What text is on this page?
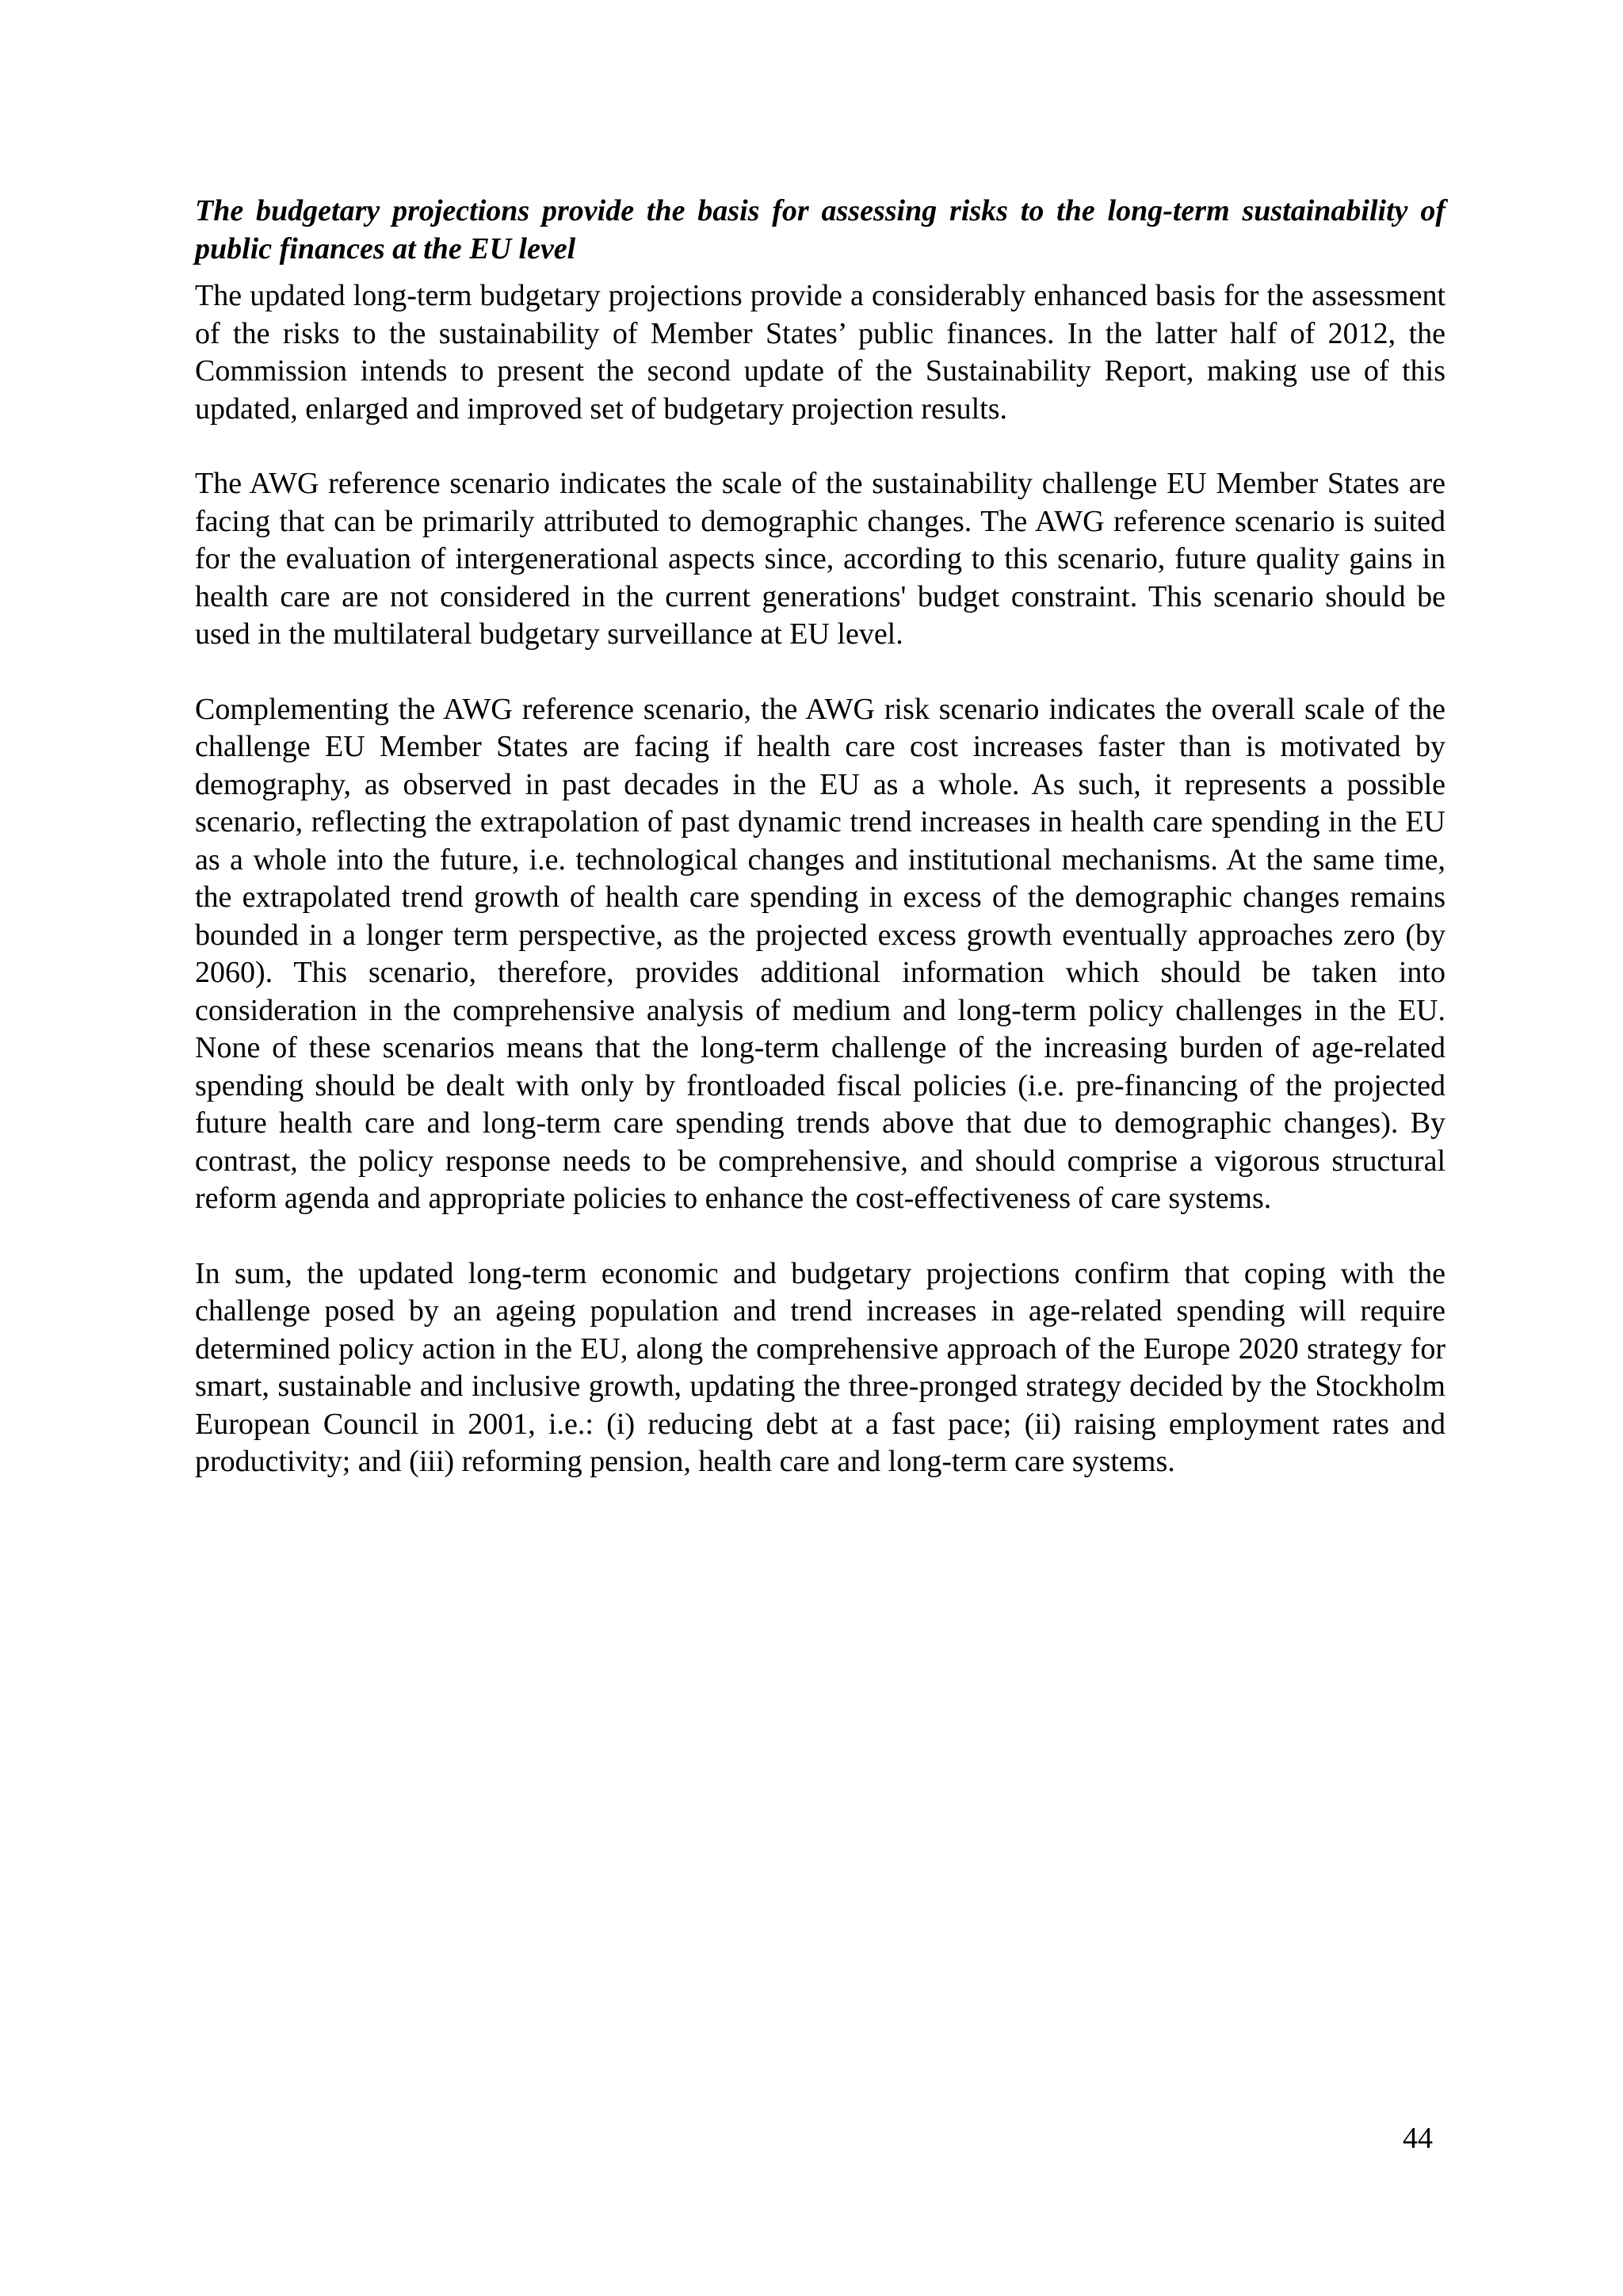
The budgetary projections provide the basis for assessing risks to the long-term sustainability of public finances at the EU level

The updated long-term budgetary projections provide a considerably enhanced basis for the assessment of the risks to the sustainability of Member States’ public finances. In the latter half of 2012, the Commission intends to present the second update of the Sustainability Report, making use of this updated, enlarged and improved set of budgetary projection results.

The AWG reference scenario indicates the scale of the sustainability challenge EU Member States are facing that can be primarily attributed to demographic changes. The AWG reference scenario is suited for the evaluation of intergenerational aspects since, according to this scenario, future quality gains in health care are not considered in the current generations' budget constraint. This scenario should be used in the multilateral budgetary surveillance at EU level.

Complementing the AWG reference scenario, the AWG risk scenario indicates the overall scale of the challenge EU Member States are facing if health care cost increases faster than is motivated by demography, as observed in past decades in the EU as a whole. As such, it represents a possible scenario, reflecting the extrapolation of past dynamic trend increases in health care spending in the EU as a whole into the future, i.e. technological changes and institutional mechanisms. At the same time, the extrapolated trend growth of health care spending in excess of the demographic changes remains bounded in a longer term perspective, as the projected excess growth eventually approaches zero (by 2060). This scenario, therefore, provides additional information which should be taken into consideration in the comprehensive analysis of medium and long-term policy challenges in the EU. None of these scenarios means that the long-term challenge of the increasing burden of age-related spending should be dealt with only by frontloaded fiscal policies (i.e. pre-financing of the projected future health care and long-term care spending trends above that due to demographic changes). By contrast, the policy response needs to be comprehensive, and should comprise a vigorous structural reform agenda and appropriate policies to enhance the cost-effectiveness of care systems.

In sum, the updated long-term economic and budgetary projections confirm that coping with the challenge posed by an ageing population and trend increases in age-related spending will require determined policy action in the EU, along the comprehensive approach of the Europe 2020 strategy for smart, sustainable and inclusive growth, updating the three-pronged strategy decided by the Stockholm European Council in 2001, i.e.: (i) reducing debt at a fast pace; (ii) raising employment rates and productivity; and (iii) reforming pension, health care and long-term care systems.

44
